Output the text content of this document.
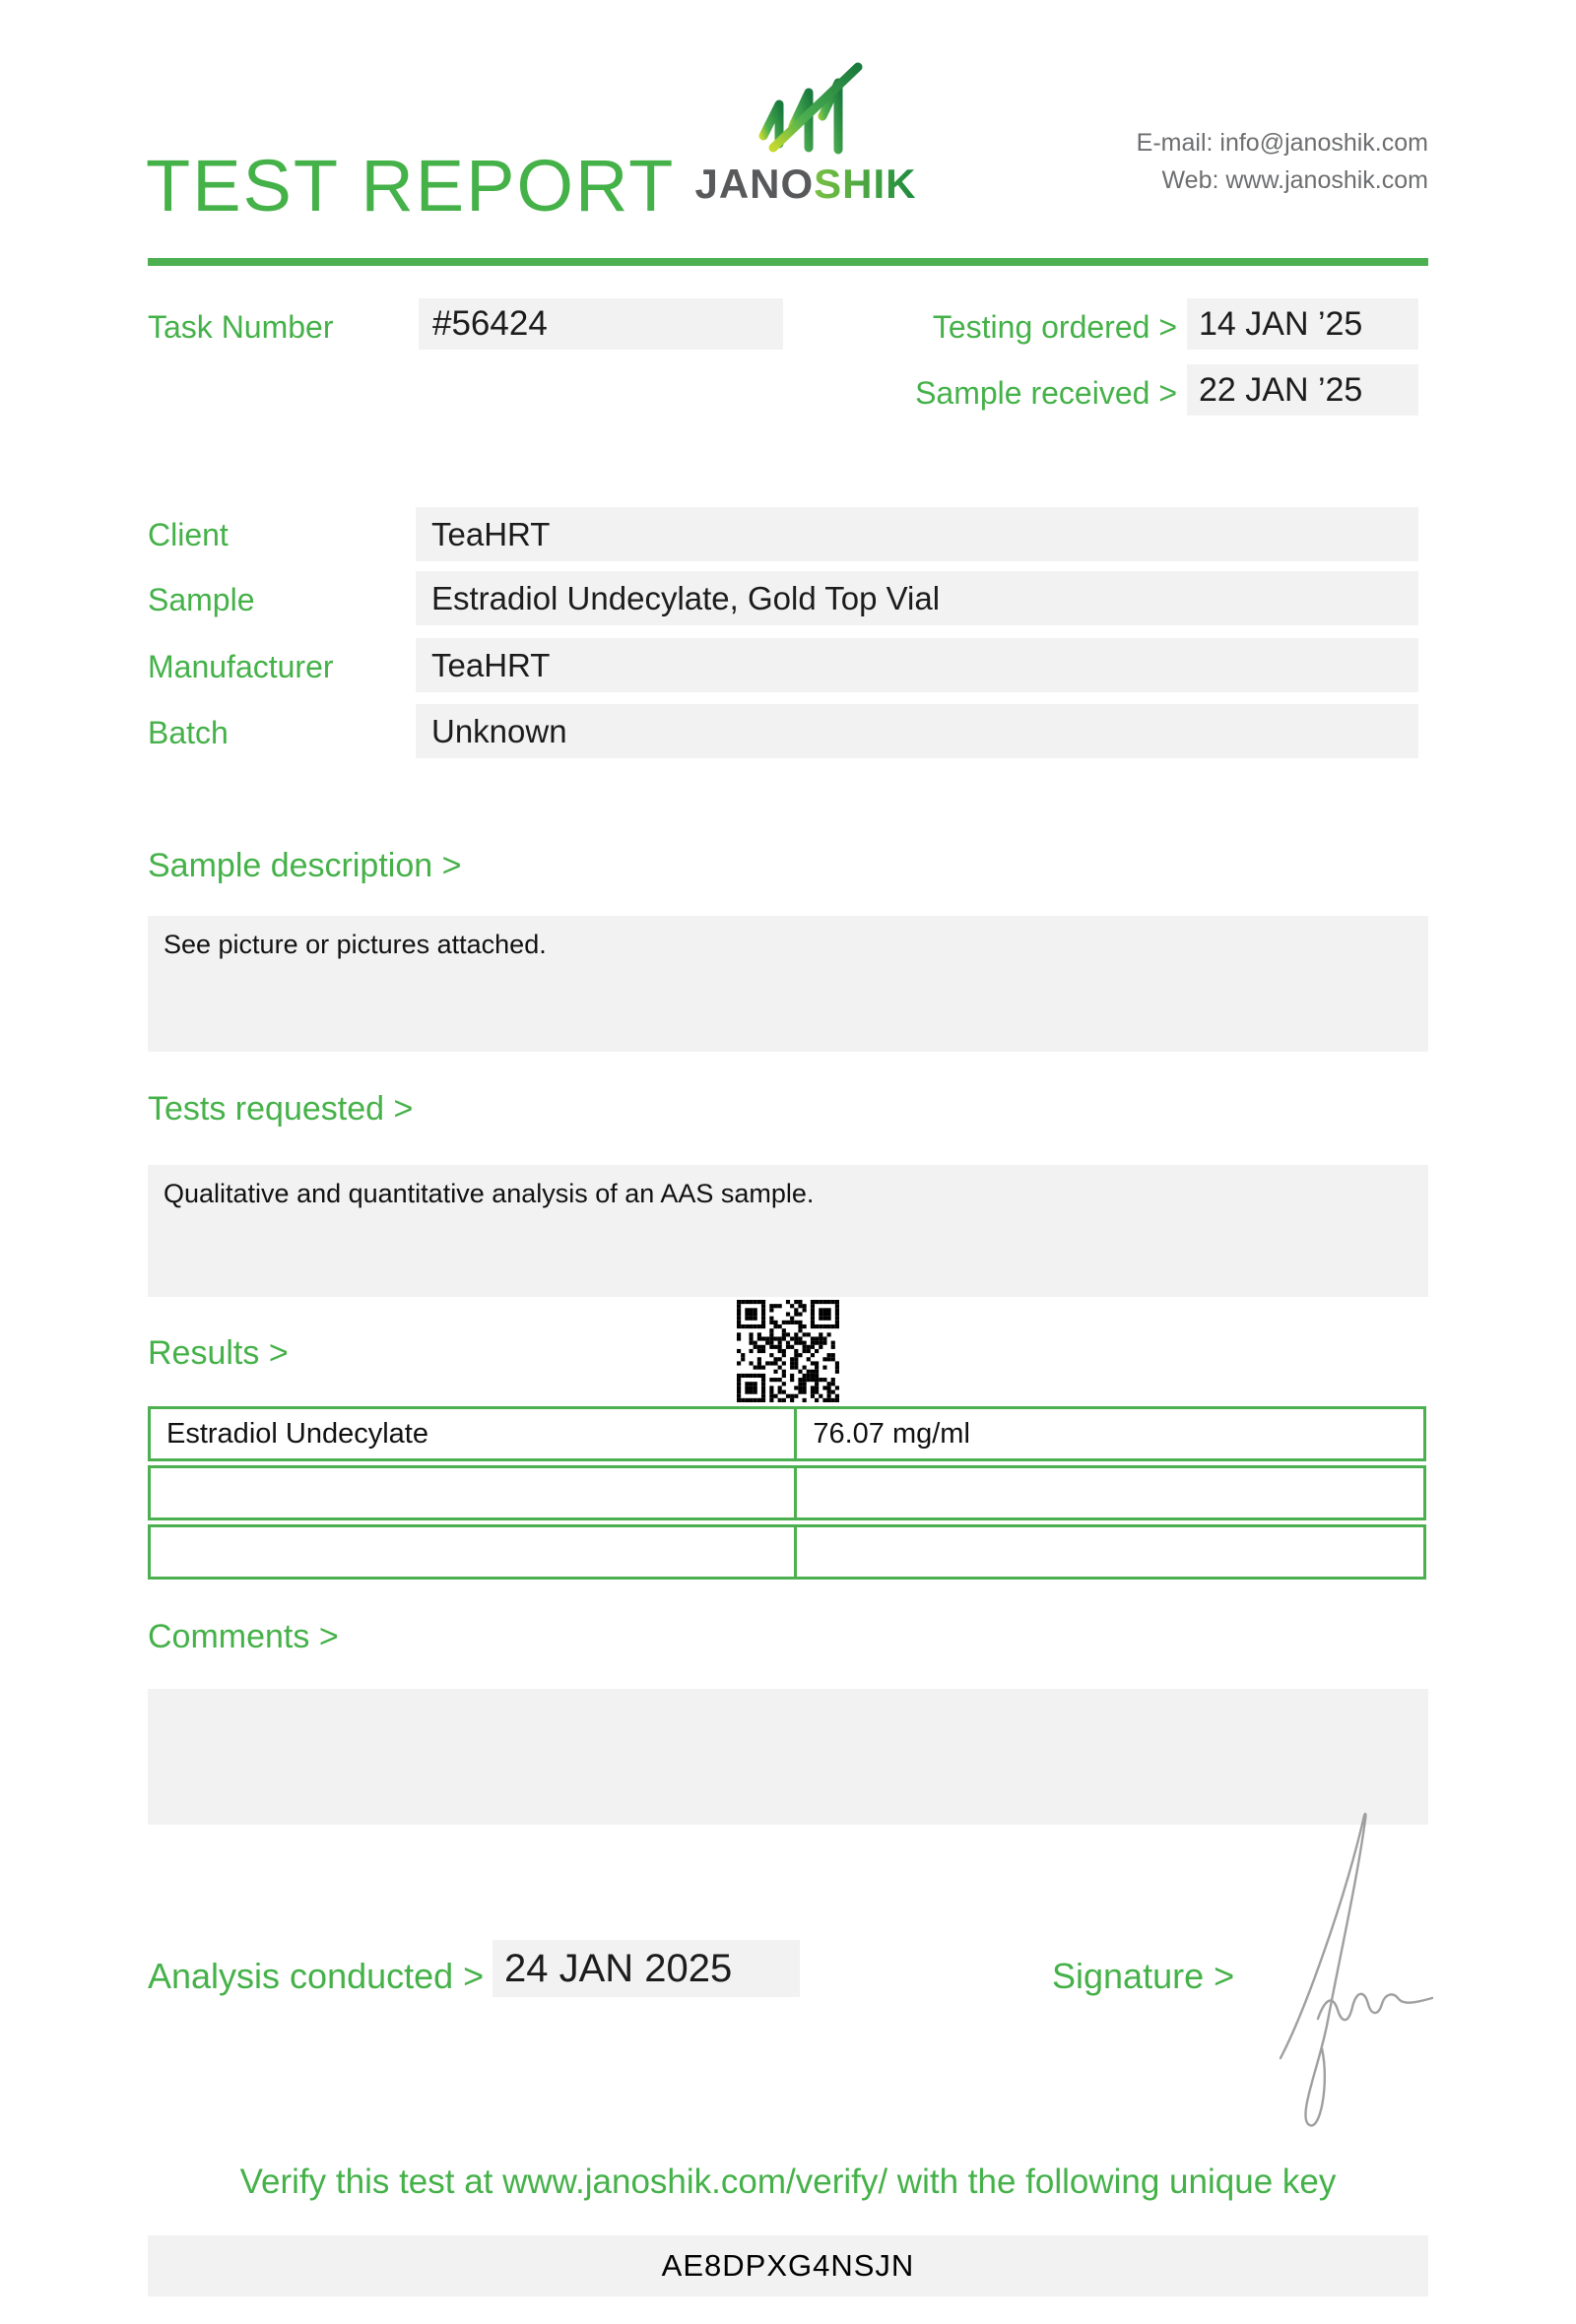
TEST REPORT JANOSHIK
E-mail: info@janoshik.com
Web: www.janoshik.com
Task Number	#56424	Testing ordered > 14 JAN ’25
Sample received > 22 JAN ’25
Client	TeaHRT
Sample	Estradiol Undecylate, Gold Top Vial
Manufacturer	TeaHRT
Batch	Unknown
Sample description >
See picture or pictures attached.
Tests requested >
Qualitative and quantitative analysis of an AAS sample.
Results >
Estradiol Undecylate	76.07 mg/ml
Comments >
Analysis conducted > 24 JAN 2025	Signature >
Verify this test at www.janoshik.com/verify/ with the following unique key
AE8DPXG4NSJN
